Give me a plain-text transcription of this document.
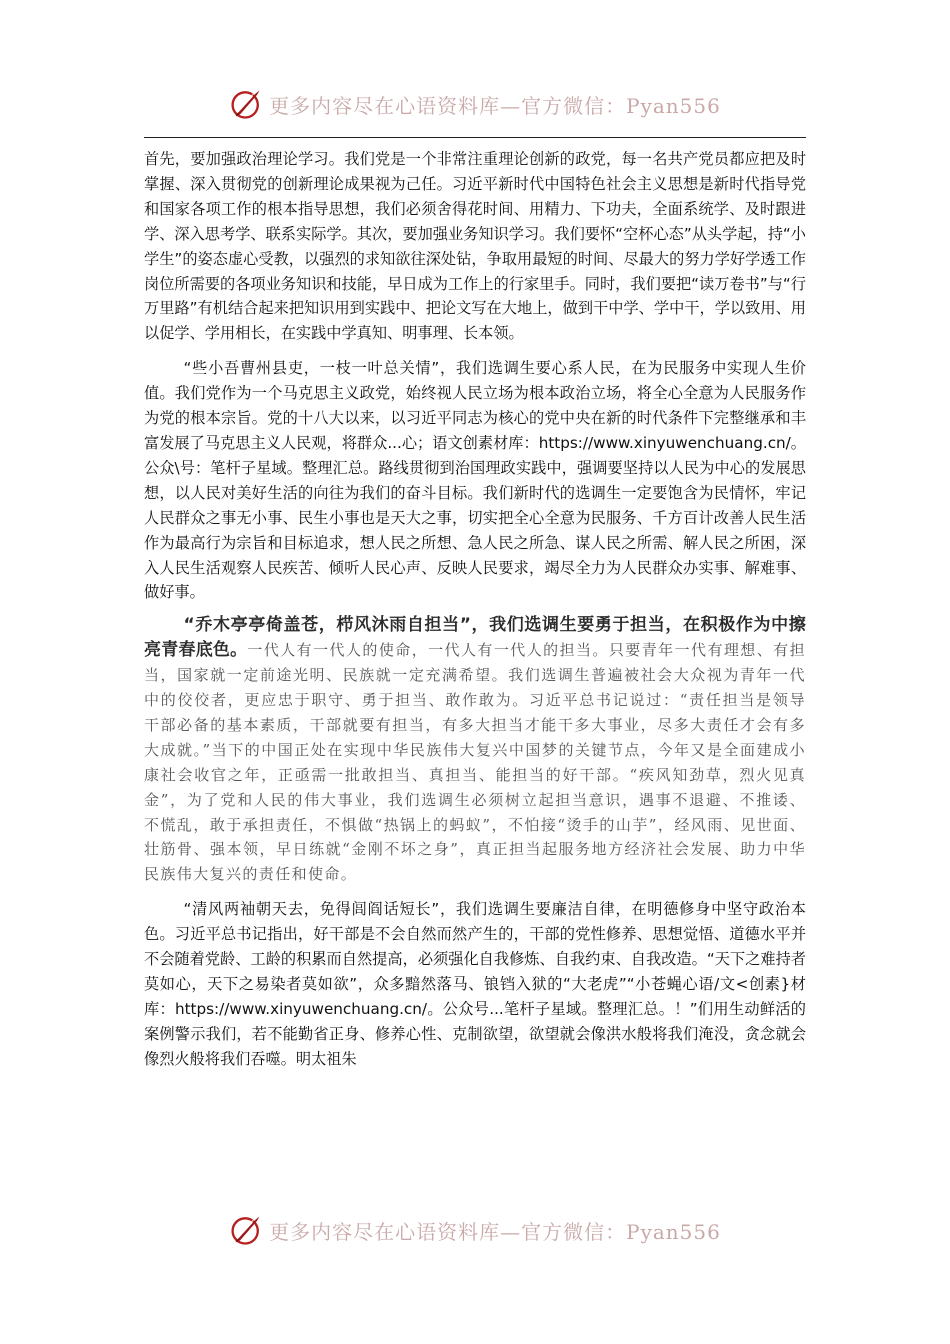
更多内容尽在心语资料库—官方微信：Pyan556

首先，要加强政治理论学习。我们党是一个非常注重理论创新的政党，每一名共产党员都应把及时掌握、深入贯彻党的创新理论成果视为己任。习近平新时代中国特色社会主义思想是新时代指导党和国家各项工作的根本指导思想，我们必须舍得花时间、用精力、下功夫，全面系统学、及时跟进学、深入思考学、联系实际学。其次，要加强业务知识学习。我们要怀“空杯心态”从头学起，持“小学生”的姿态虚心受教，以强烈的求知欲往深处钻，争取用最短的时间、尽最大的努力学好学透工作岗位所需要的各项业务知识和技能，早日成为工作上的行家里手。同时，我们要把“读万卷书”与“行万里路”有机结合起来把知识用到实践中、把论文写在大地上，做到干中学、学中干，学以致用、用以促学、学用相长，在实践中学真知、明事理、长本领。

“些小吾曹州县吏，一枝一叶总关情”，我们选调生要心系人民，在为民服务中实现人生价值。我们党作为一个马克思主义政党，始终视人民立场为根本政治立场，将全心全意为人民服务作为党的根本宗旨。党的十八大以来，以习近平同志为核心的党中央在新的时代条件下完整继承和丰富发展了马克思主义人民观，将群众...心；语文创素材库：https://www.xinyuwenchuang.cn/。公众\号：笔杆子星域。整理汇总。路线贯彻到治国理政实践中，强调要坚持以人民为中心的发展思想，以人民对美好生活的向往为我们的奋斗目标。我们新时代的选调生一定要饱含为民情怀，牢记人民群众之事无小事、民生小事也是天大之事，切实把全心全意为民服务、千方百计改善人民生活作为最高行为宗旨和目标追求，想人民之所想、急人民之所急、谋人民之所需、解人民之所困，深入人民生活观察人民疾苦、倾听人民心声、反映人民要求，竭尽全力为人民群众办实事、解难事、做好事。

“乔木亭亭倚盖苍，栉风沐雨自担当”，我们选调生要勇于担当，在积极作为中擦亮青春底色。一代人有一代人的使命，一代人有一代人的担当。只要青年一代有理想、有担当，国家就一定前途光明、民族就一定充满希望。我们选调生普遍被社会大众视为青年一代中的佼佼者，更应忠于职守、勇于担当、敢作敢为。习近平总书记说过：“责任担当是领导干部必备的基本素质，干部就要有担当，有多大担当才能干多大事业，尽多大责任才会有多大成就。”当下的中国正处在实现中华民族伟大复兴中国梦的关键节点，今年又是全面建成小康社会收官之年，正亟需一批敢担当、真担当、能担当的好干部。“疾风知劲草，烈火见真金”，为了党和人民的伟大事业，我们选调生必须树立起担当意识，遇事不退避、不推诿、不慌乱，敢于承担责任，不惧做“热锅上的蚂蚁”，不怕接“烫手的山芋”，经风雨、见世面、壮筋骨、强本领，早日练就“金刚不坏之身”，真正担当起服务地方经济社会发展、助力中华民族伟大复兴的责任和使命。

“清风两袖朝天去，免得闾阎话短长”，我们选调生要廉洁自律，在明德修身中坚守政治本色。习近平总书记指出，好干部是不会自然而然产生的，干部的党性修养、思想觉悟、道德水平并不会随着党龄、工龄的积累而自然提高，必须强化自我修炼、自我约束、自我改造。“天下之难持者莫如心，天下之易染者莫如欲”，众多黯然落马、锒铛入狱的“大老虎”“小苍蝇心语/文<创素}材库：https://www.xinyuwenchuang.cn/。公众号...笔杆子星域。整理汇总。！”们用生动鲜活的案例警示我们，若不能勤省正身、修养心性、克制欲望，欲望就会像洪水般将我们淹没，贪念就会像烈火般将我们吞噬。明太祖朱

更多内容尽在心语资料库—官方微信：Pyan556
